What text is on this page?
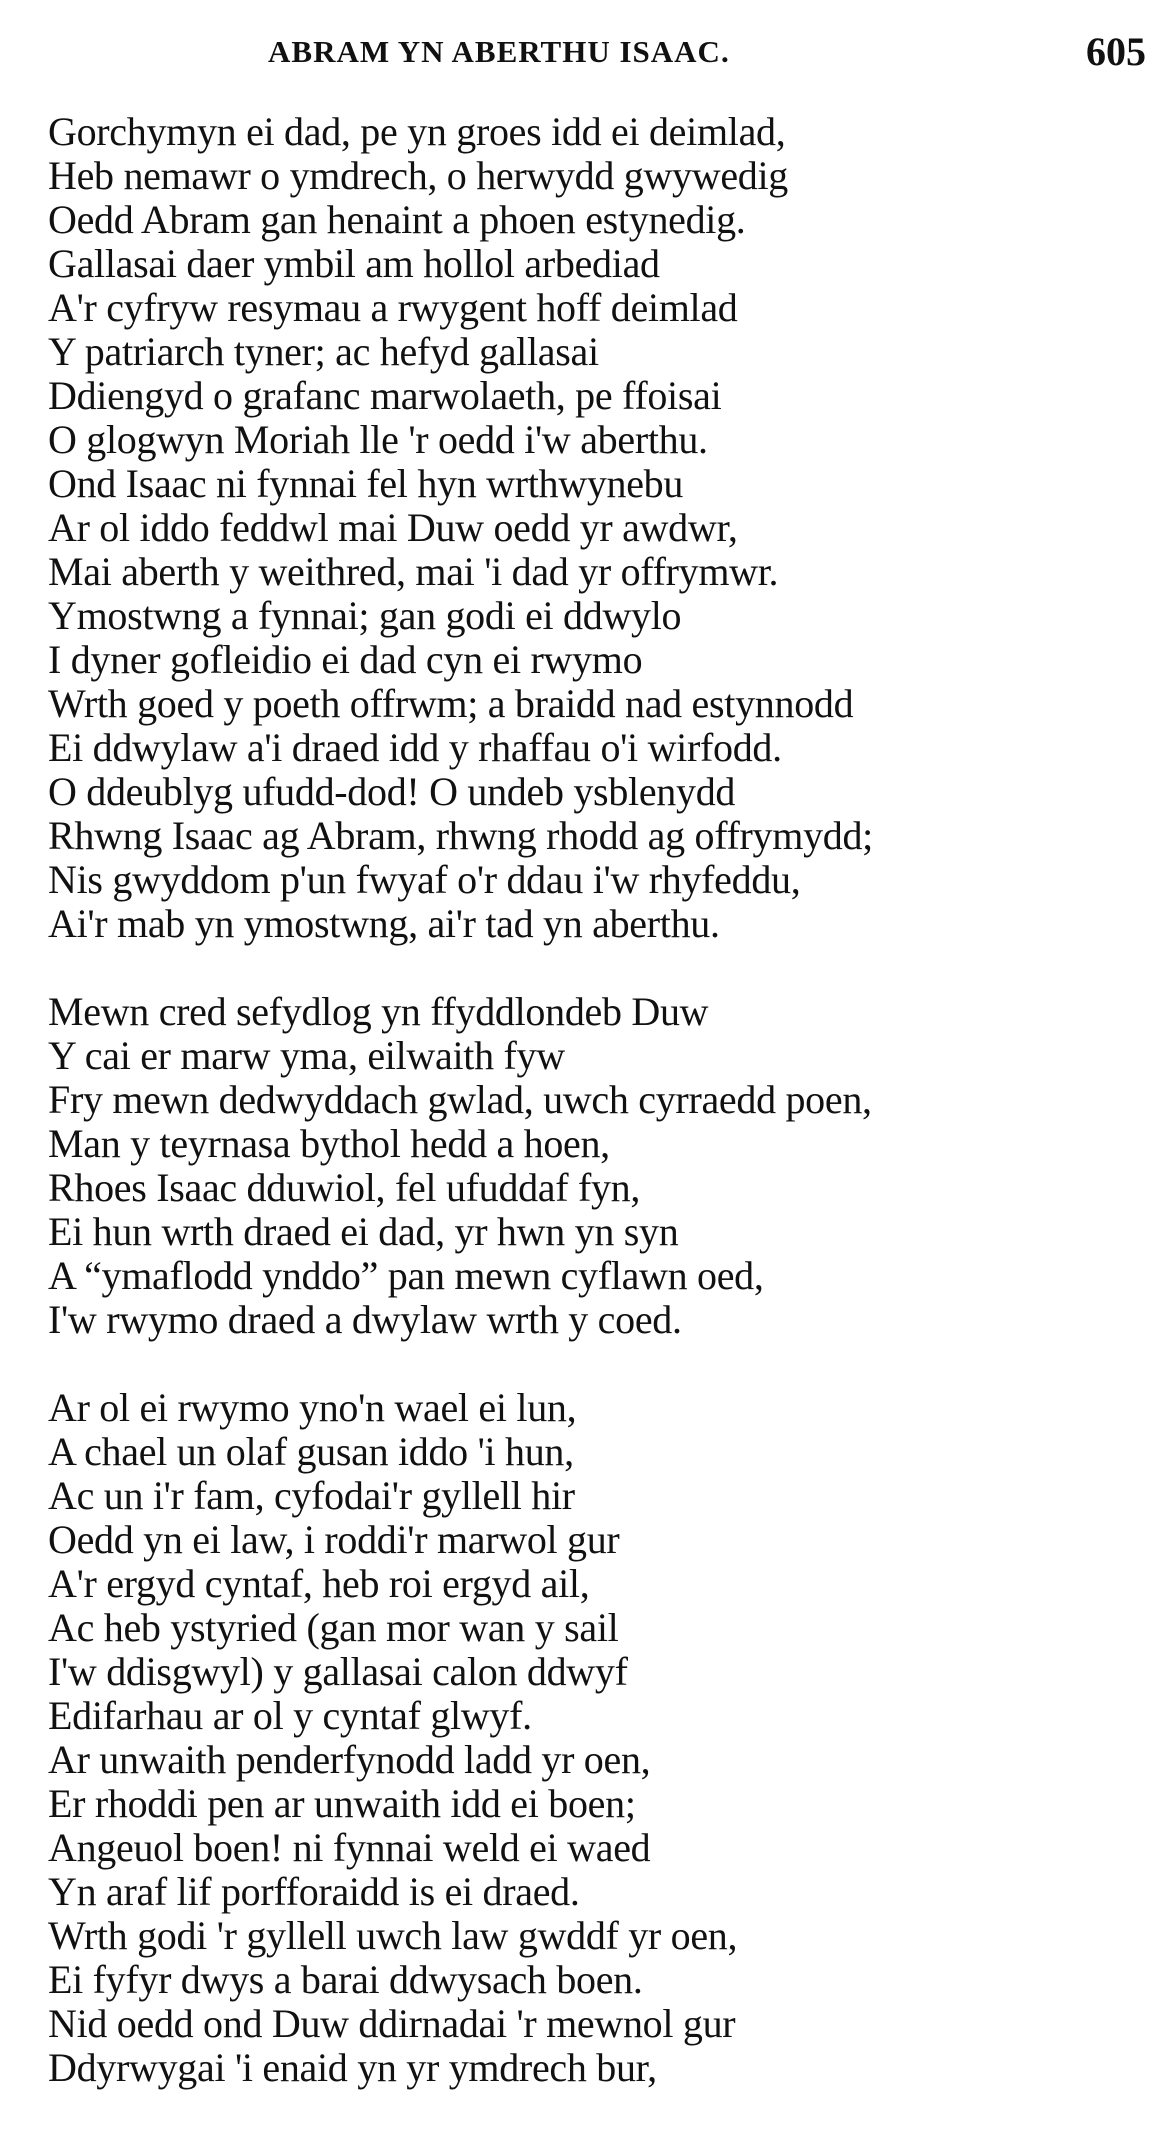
ABRAM YN ABERTHU ISAAC.	605
Gorchymyn ei dad, pe yn groes idd ei deimlad,
Heb nemawr o ymdrech, o herwydd gwywedig
Oedd Abram gan henaint a phoen estynedig.
Gallasai daer ymbil am hollol arbediad
A'r cyfryw resymau a rwygent hoff deimlad
Y patriarch tyner; ac hefyd gallasai
Ddiengyd o grafanc marwolaeth, pe ffoisai
O glogwyn Moriah lle 'r oedd i'w aberthu.
Ond Isaac ni fynnai fel hyn wrthwynebu
Ar ol iddo feddwl mai Duw oedd yr awdwr,
Mai aberth y weithred, mai 'i dad yr offrymwr.
Ymostwng a fynnai; gan godi ei ddwylo
I dyner gofleidio ei dad cyn ei rwymo
Wrth goed y poeth offrwm; a braidd nad estynnodd
Ei ddwylaw a'i draed idd y rhaffau o'i wirfodd.
O ddeublyg ufudd-dod! O undeb ysblenydd
Rhwng Isaac ag Abram, rhwng rhodd ag offrymydd;
Nis gwyddom p'un fwyaf o'r ddau i'w rhyfeddu,
Ai'r mab yn ymostwng, ai'r tad yn aberthu.
Mewn cred sefydlog yn ffyddlondeb Duw
Y cai er marw yma, eilwaith fyw
Fry mewn dedwyddach gwlad, uwch cyrraedd poen,
Man y teyrnasa bythol hedd a hoen,
Rhoes Isaac dduwiol, fel ufuddaf fyn,
Ei hun wrth draed ei dad, yr hwn yn syn
A “ymaflodd ynddo” pan mewn cyflawn oed,
I'w rwymo draed a dwylaw wrth y coed.
Ar ol ei rwymo yno'n wael ei lun,
A chael un olaf gusan iddo 'i hun,
Ac un i'r fam, cyfodai'r gyllell hir
Oedd yn ei law, i roddi'r marwol gur
A'r ergyd cyntaf, heb roi ergyd ail,
Ac heb ystyried (gan mor wan y sail
I'w ddisgwyl) y gallasai calon ddwyf
Edifarhau ar ol y cyntaf glwyf.
Ar unwaith penderfynodd ladd yr oen,
Er rhoddi pen ar unwaith idd ei boen;
Angeuol boen! ni fynnai weld ei waed
Yn araf lif porfforaidd is ei draed.
Wrth godi 'r gyllell uwch law gwddf yr oen,
Ei fyfyr dwys a barai ddwysach boen.
Nid oedd ond Duw ddirnadai 'r mewnol gur
Ddyrwygai 'i enaid yn yr ymdrech bur,
